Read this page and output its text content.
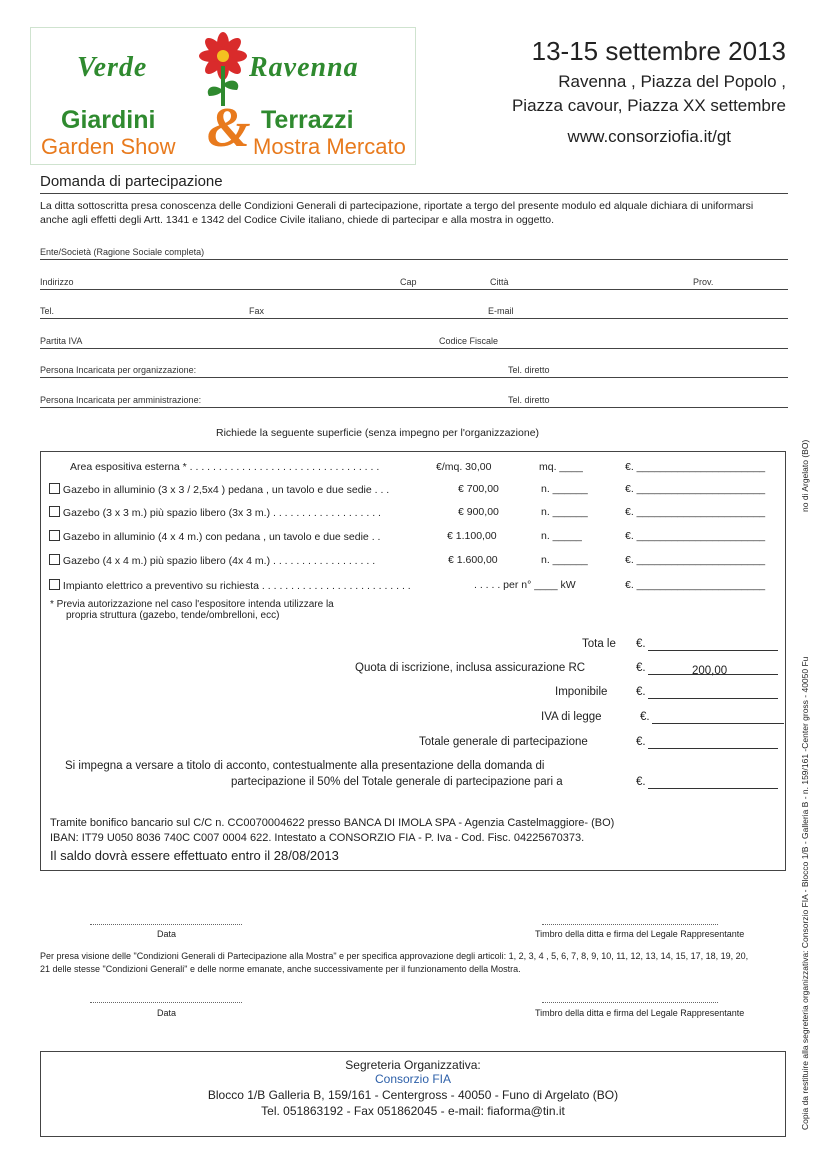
Verde	Ravenna
Giardini & Terrazzi
Garden Show	Mostra Mercato
13-15 settembre 2013
Ravenna , Piazza del Popolo ,
Piazza cavour, Piazza XX settembre
www.consorziofia.it/gt
Domanda di partecipazione
La ditta sottoscritta presa conoscenza delle Condizioni Generali di partecipazione, riportate a tergo del presente modulo ed alquale dichiara di uniformarsi anche agli effetti degli Artt. 1341 e 1342 del Codice Civile italiano, chiede di partecipar e alla mostra in oggetto.
Ente/Società (Ragione Sociale completa)
Indirizzo	Cap	Città	Prov.
Tel.	Fax	E-mail
Partita IVA	Codice Fiscale
Persona Incaricata per organizzazione:	Tel. diretto
Persona Incaricata per amministrazione:	Tel. diretto
Richiede la seguente superficie (senza impegno per l'organizzazione)
Area espositiva esterna * . . . . . . . . . . . . . . . . . . . . . . . . . . . . . . . . .	€/mq. 30,00	mq. ____	€. ______________________
Gazebo in alluminio (3 x 3 / 2,5x4 ) pedana , un tavolo e due sedie . . .	€ 700,00	n. ______	€. ______________________
Gazebo (3 x 3 m.) più spazio libero (3x 3 m.) . . . . . . . . . . . . . . . . . . .	€ 900,00	n. ______	€. ______________________
Gazebo in alluminio (4 x 4 m.) con pedana , un tavolo e due sedie . .	€ 1.100,00	n. _____	€. ______________________
Gazebo (4 x 4 m.) più spazio libero (4x 4 m.) . . . . . . . . . . . . . . . . . .	€ 1.600,00	n. ______	€. ______________________
Impianto elettrico a preventivo su richiesta . . . . . . . . . . . . . . . . . . . . . . . . . .	. . . . . per n° ____ kW	€. ______________________
* Previa autorizzazione nel caso l'espositore intenda utilizzare la
propria struttura (gazebo, tende/ombrelloni, ecc)
Tota le €.
Quota di iscrizione, inclusa assicurazione RC	€.	200,00
Imponibile €.
IVA di legge	€.
Totale generale di partecipazione	€.
Si impegna a versare a titolo di acconto, contestualmente alla presentazione della domanda di
partecipazione il 50% del Totale generale di partecipazione pari a	€.
Tramite bonifico bancario sul C/C n. CC0070004622 presso BANCA DI IMOLA SPA - Agenzia Castelmaggiore- (BO)
IBAN: IT79 U050 8036 740C C007 0004 622. Intestato a CONSORZIO FIA - P. Iva - Cod. Fisc. 04225670373.
Il saldo dovrà essere effettuato entro il 28/08/2013
Data	Timbro della ditta e firma del Legale Rappresentante
Per presa visione delle "Condizioni Generali di Partecipazione alla Mostra" e per specifica approvazione degli articoli: 1, 2, 3, 4 , 5, 6, 7, 8, 9, 10, 11, 12, 13, 14, 15, 17, 18, 19, 20, 21 delle stesse "Condizioni Generali" e delle norme emanate, anche successivamente per il funzionamento della Mostra.
Data	Timbro della ditta e firma del Legale Rappresentante
Segreteria Organizzativa:
Consorzio FIA
Blocco 1/B Galleria B, 159/161 - Centergross - 40050 - Funo di Argelato (BO)
Tel. 051863192 - Fax 051862045 - e-mail: fiaforma@tin.it	Copia da restituire alla segreteria organizzativa: Consorzio FIA - Blocco 1/B - Galleria B - n. 159/161 -Center gross - 40050 Fu
no di Argelato (BO)
